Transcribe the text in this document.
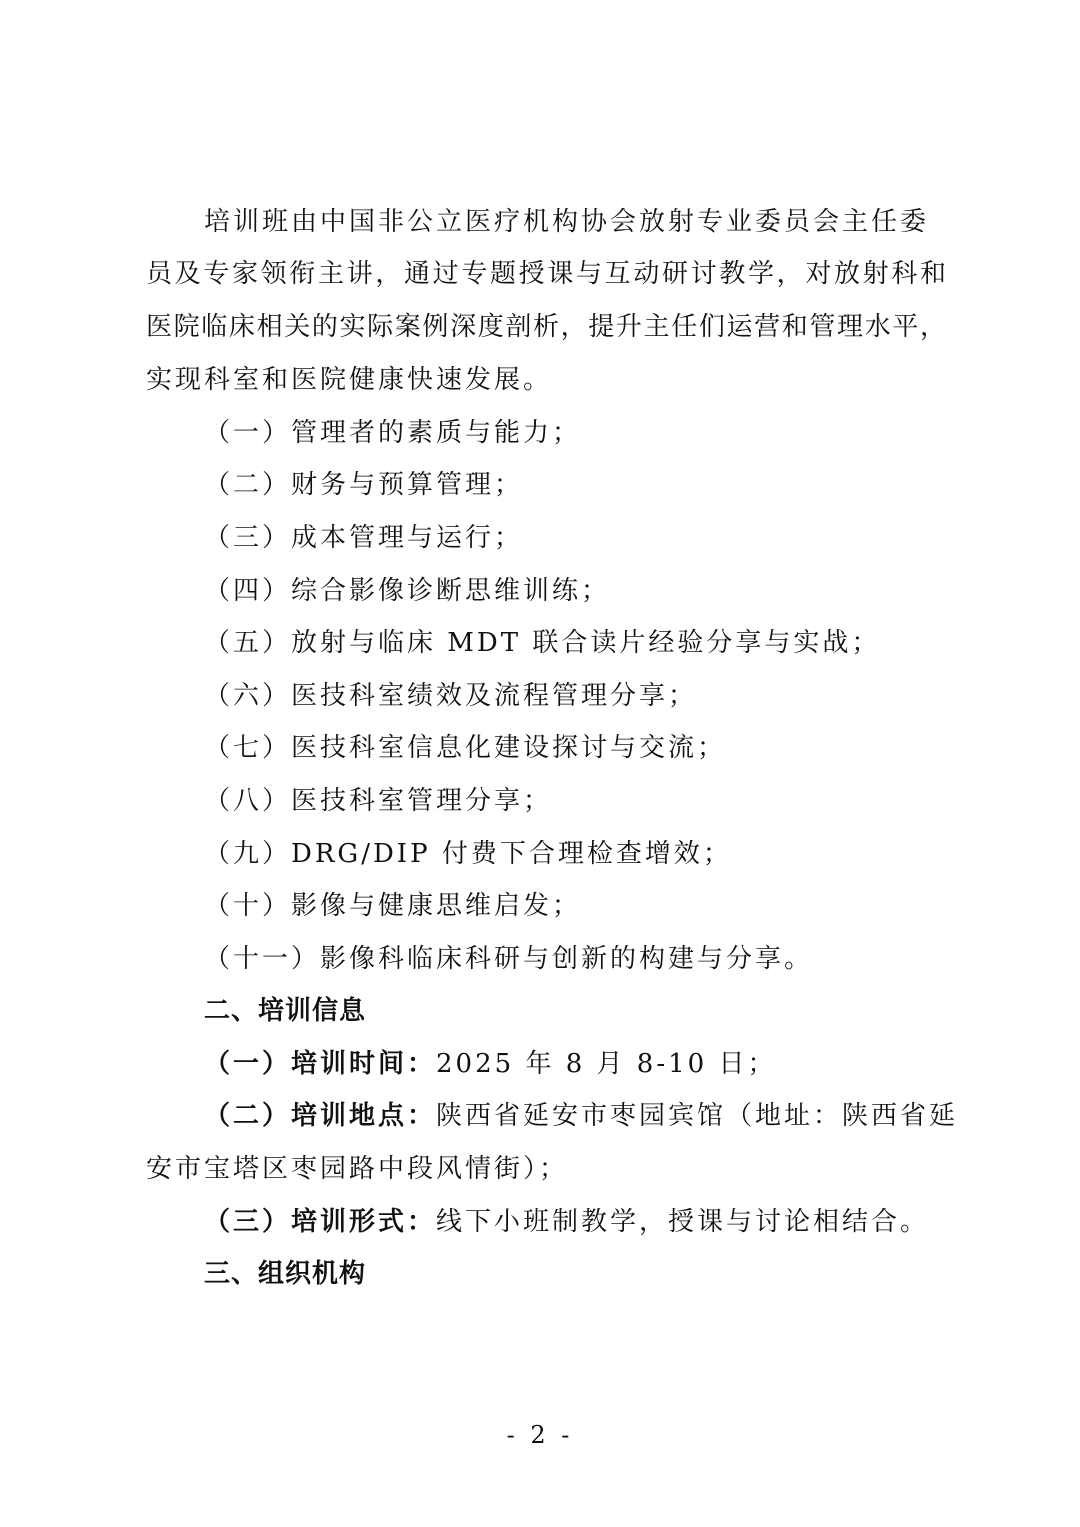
培训班由中国非公立医疗机构协会放射专业委员会主任委
员及专家领衔主讲，通过专题授课与互动研讨教学，对放射科和
医院临床相关的实际案例深度剖析，提升主任们运营和管理水平，
实现科室和医院健康快速发展。
（一）管理者的素质与能力；
（二）财务与预算管理；
（三）成本管理与运行；
（四）综合影像诊断思维训练；
（五）放射与临床 MDT 联合读片经验分享与实战；
（六）医技科室绩效及流程管理分享；
（七）医技科室信息化建设探讨与交流；
（八）医技科室管理分享；
（九）DRG/DIP 付费下合理检查增效；
（十）影像与健康思维启发；
（十一）影像科临床科研与创新的构建与分享。
二、培训信息
（一）培训时间：2025 年 8 月 8-10 日；
（二）培训地点：陕西省延安市枣园宾馆（地址：陕西省延
安市宝塔区枣园路中段风情街）；
（三）培训形式：线下小班制教学，授课与讨论相结合。
三、组织机构
- 2 -
